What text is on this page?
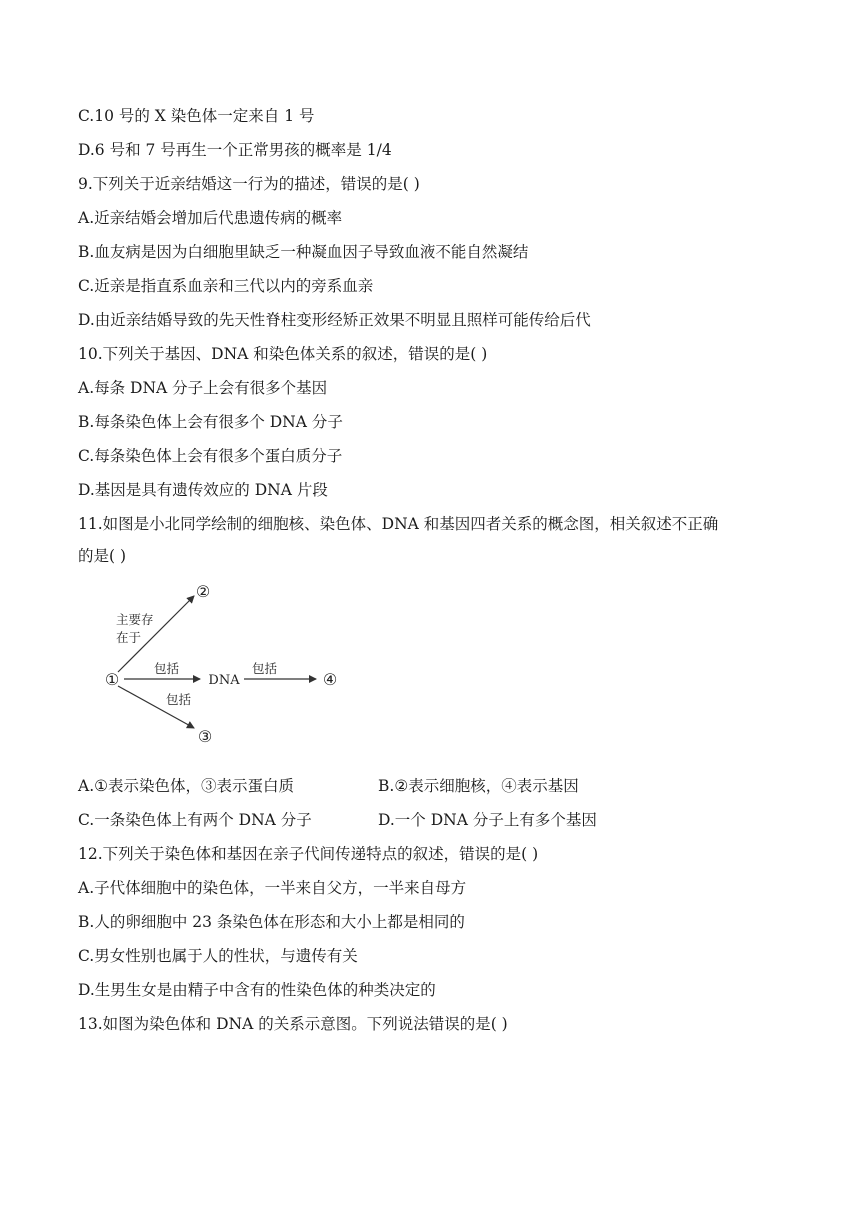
C.10 号的 X 染色体一定来自 1 号
D.6 号和 7 号再生一个正常男孩的概率是 1/4
9.下列关于近亲结婚这一行为的描述，错误的是( )
A.近亲结婚会增加后代患遗传病的概率
B.血友病是因为白细胞里缺乏一种凝血因子导致血液不能自然凝结
C.近亲是指直系血亲和三代以内的旁系血亲
D.由近亲结婚导致的先天性脊柱变形经矫正效果不明显且照样可能传给后代
10.下列关于基因、DNA 和染色体关系的叙述，错误的是( )
A.每条 DNA 分子上会有很多个基因
B.每条染色体上会有很多个 DNA 分子
C.每条染色体上会有很多个蛋白质分子
D.基因是具有遗传效应的 DNA 片段
11.如图是小北同学绘制的细胞核、染色体、DNA 和基因四者关系的概念图，相关叙述不正确
的是( )
①
②
③
④
DNA
主要存
在于
包括
包括
包括
A.①表示染色体，③表示蛋白质	B.②表示细胞核，④表示基因
C.一条染色体上有两个 DNA 分子	D.一个 DNA 分子上有多个基因
12.下列关于染色体和基因在亲子代间传递特点的叙述，错误的是( )
A.子代体细胞中的染色体，一半来自父方，一半来自母方
B.人的卵细胞中 23 条染色体在形态和大小上都是相同的
C.男女性别也属于人的性状，与遗传有关
D.生男生女是由精子中含有的性染色体的种类决定的
13.如图为染色体和 DNA 的关系示意图。下列说法错误的是( )
